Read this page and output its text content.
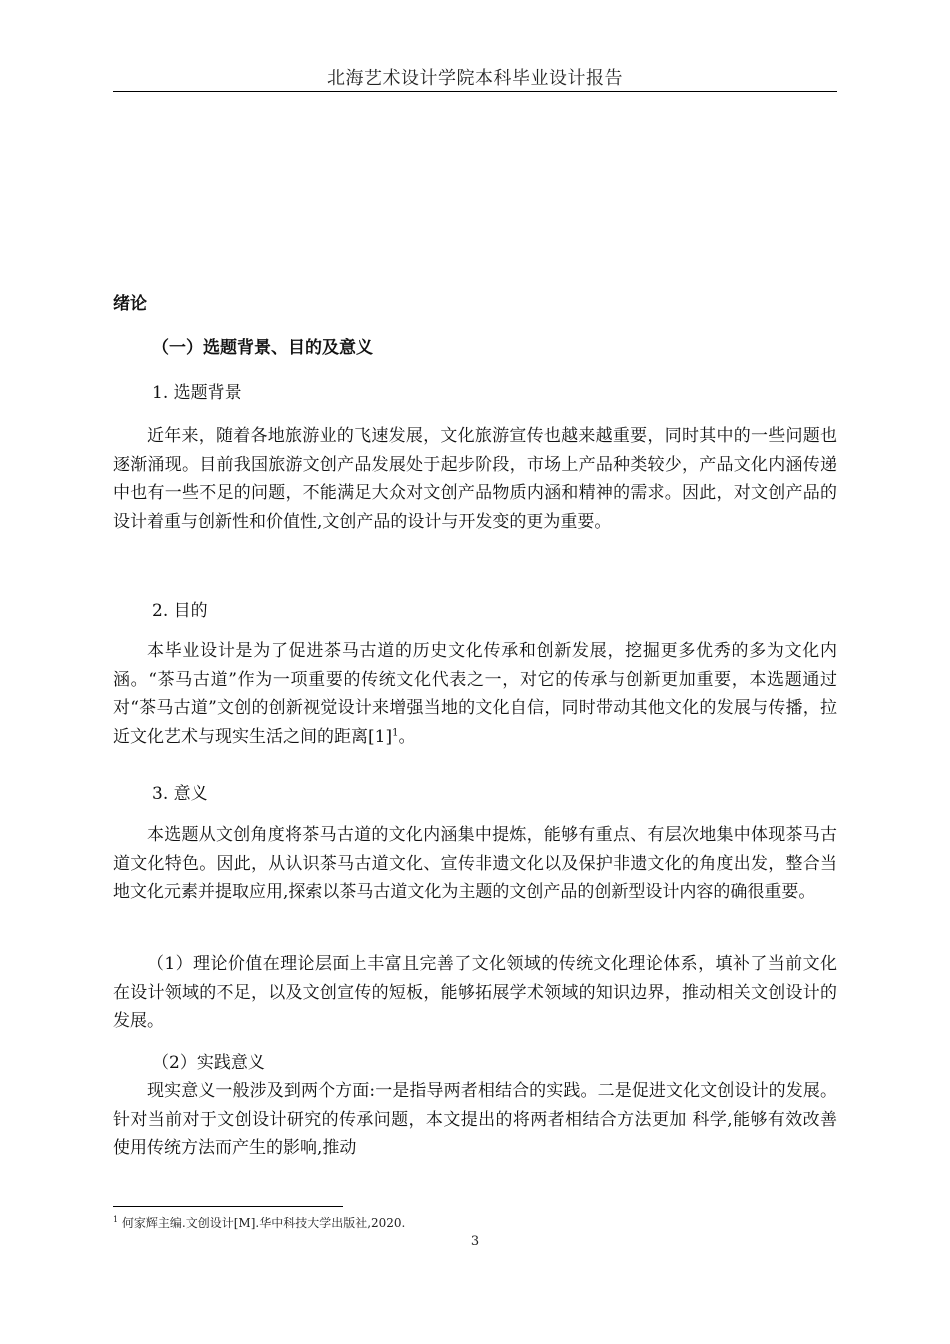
北海艺术设计学院本科毕业设计报告
绪论
（一）选题背景、目的及意义
1. 选题背景

近年来，随着各地旅游业的飞速发展，文化旅游宣传也越来越重要，同时其中的一些问题也逐渐涌现。目前我国旅游文创产品发展处于起步阶段，市场上产品种类较少，产品文化内涵传递中也有一些不足的问题，不能满足大众对文创产品物质内涵和精神的需求。因此，对文创产品的设计着重与创新性和价值性,文创产品的设计与开发变的更为重要。

2. 目的

本毕业设计是为了促进茶马古道的历史文化传承和创新发展，挖掘更多优秀的多为文化内涵。“茶马古道”作为一项重要的传统文化代表之一，对它的传承与创新更加重要，本选题通过对“茶马古道”文创的创新视觉设计来增强当地的文化自信，同时带动其他文化的发展与传播，拉近文化艺术与现实生活之间的距离$[1]^1$。

3. 意义

本选题从文创角度将茶马古道的文化内涵集中提炼，能够有重点、有层次地集中体现茶马古道文化特色。因此，从认识茶马古道文化、宣传非遗文化以及保护非遗文化的角度出发，整合当地文化元素并提取应用,探索以茶马古道文化为主题的文创产品的创新型设计内容的确很重要。

（1）理论价值在理论层面上丰富且完善了文化领域的传统文化理论体系，填补了当前文化在设计领域的不足，以及文创宣传的短板，能够拓展学术领域的知识边界，推动相关文创设计的发展。

（2）实践意义

现实意义一般涉及到两个方面:一是指导两者相结合的实践。二是促进文化文创设计的发展。针对当前对于文创设计研究的传承问题，本文提出的将两者相结合方法更加 科学,能够有效改善使用传统方法而产生的影响,推动

$^1$ 何家辉主编.文创设计[M].华中科技大学出版社,2020.
3
